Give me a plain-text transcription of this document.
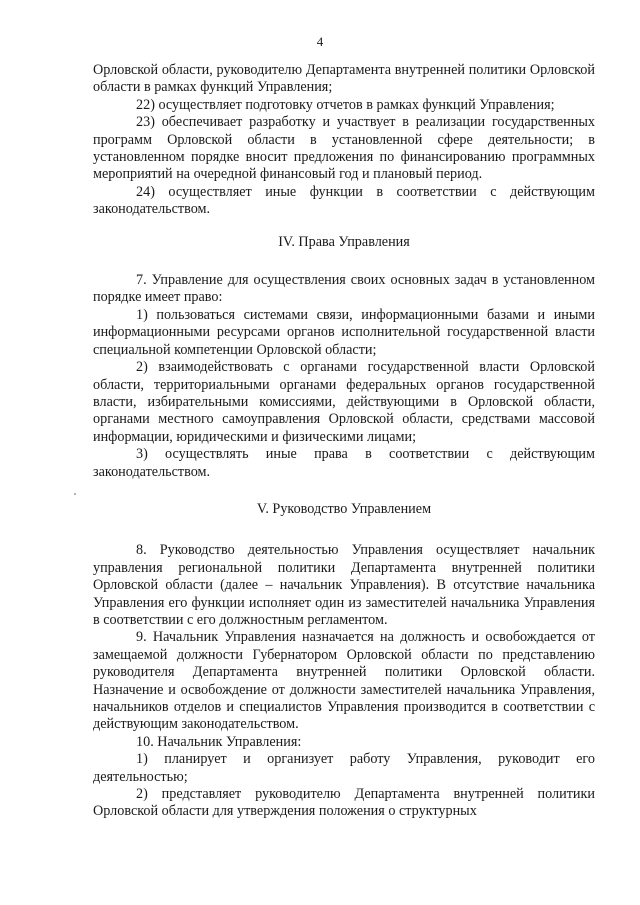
4

Орловской области, руководителю Департамента внутренней политики Орловской области в рамках функций Управления;

22) осуществляет подготовку отчетов в рамках функций Управления;

23) обеспечивает разработку и участвует в реализации государственных программ Орловской области в установленной сфере деятельности; в установленном порядке вносит предложения по финансированию программных мероприятий на очередной финансовый год и плановый период.

24) осуществляет иные функции в соответствии с действующим законодательством.

IV. Права Управления

7. Управление для осуществления своих основных задач в установленном порядке имеет право:

1) пользоваться системами связи, информационными базами и иными информационными ресурсами органов исполнительной государственной власти специальной компетенции Орловской области;

2) взаимодействовать с органами государственной власти Орловской области, территориальными органами федеральных органов государственной власти, избирательными комиссиями, действующими в Орловской области, органами местного самоуправления Орловской области, средствами массовой информации, юридическими и физическими лицами;

3) осуществлять иные права в соответствии с действующим законодательством.

V. Руководство Управлением

8. Руководство деятельностью Управления осуществляет начальник управления региональной политики Департамента внутренней политики Орловской области (далее – начальник Управления). В отсутствие начальника Управления его функции исполняет один из заместителей начальника Управления в соответствии с его должностным регламентом.

9. Начальник Управления назначается на должность и освобождается от замещаемой должности Губернатором Орловской области по представлению руководителя Департамента внутренней политики Орловской области. Назначение и освобождение от должности заместителей начальника Управления, начальников отделов и специалистов Управления производится в соответствии с действующим законодательством.

10. Начальник Управления:

1) планирует и организует работу Управления, руководит его деятельностью;

2) представляет руководителю Департамента внутренней политики Орловской области для утверждения положения о структурных
